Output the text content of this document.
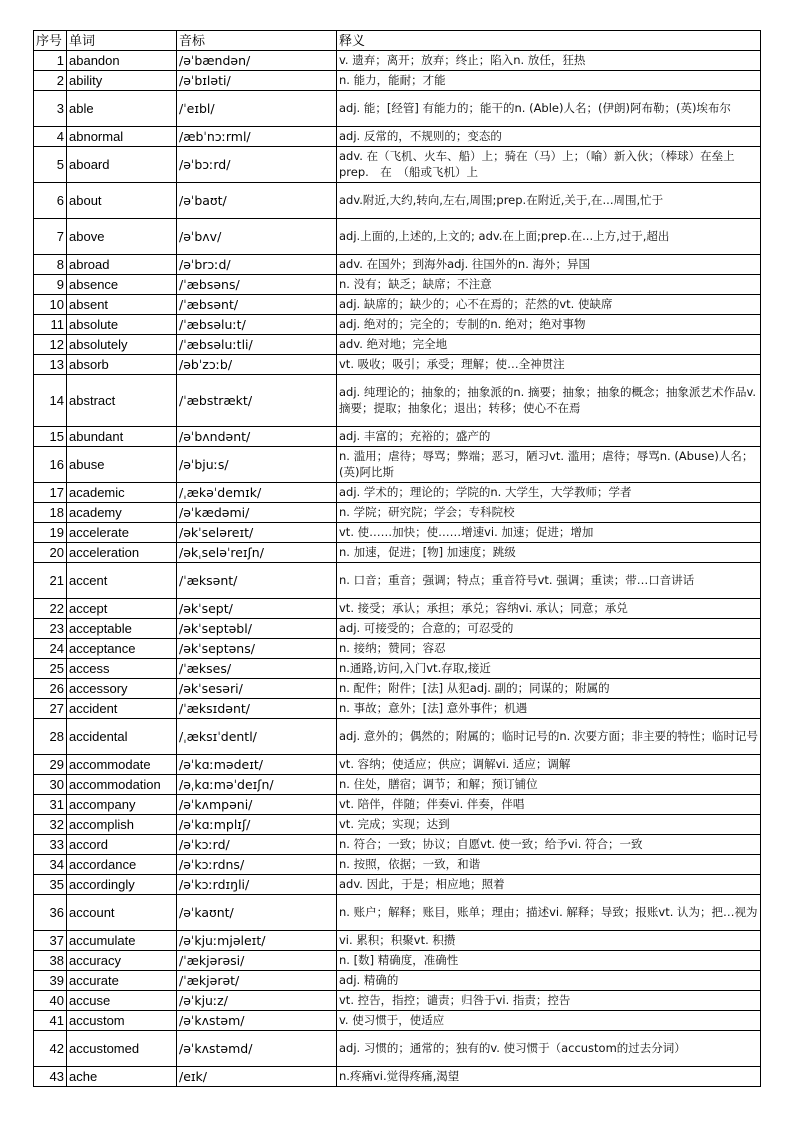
序号	单词	音标	释义
1	abandon	/əˈbændən/	v. 遗弃；离开；放弃；终止；陷入n. 放任，狂热
2	ability	/əˈbɪləti/	n. 能力，能耐；才能
3	able	/ˈeɪbl/	adj. 能；[经管] 有能力的；能干的n. (Able)人名；(伊朗)阿布勒；(英)埃布尔
4	abnormal	/æbˈnɔːrml/	adj. 反常的，不规则的；变态的
5	aboard	/əˈbɔːrd/	adv. 在（飞机、火车、船）上；骑在（马）上；（喻）新入伙；（棒球）在垒上prep.　在　（船或飞机）上
6	about	/əˈbaʊt/	adv.附近,大约,转向,左右,周围;prep.在附近,关于,在...周围,忙于
7	above	/əˈbʌv/	adj.上面的,上述的,上文的; adv.在上面;prep.在...上方,过于,超出
8	abroad	/əˈbrɔːd/	adv. 在国外；到海外adj. 往国外的n. 海外；异国
9	absence	/ˈæbsəns/	n. 没有；缺乏；缺席；不注意
10	absent	/ˈæbsənt/	adj. 缺席的；缺少的；心不在焉的；茫然的vt. 使缺席
11	absolute	/ˈæbsəluːt/	adj. 绝对的；完全的；专制的n. 绝对；绝对事物
12	absolutely	/ˈæbsəluːtli/	adv. 绝对地；完全地
13	absorb	/əbˈzɔːb/	vt. 吸收；吸引；承受；理解；使…全神贯注
14	abstract	/ˈæbstrækt/	adj. 纯理论的；抽象的；抽象派的n. 摘要；抽象；抽象的概念；抽象派艺术作品v. 摘要；提取；抽象化；退出；转移；使心不在焉
15	abundant	/əˈbʌndənt/	adj. 丰富的；充裕的；盛产的
16	abuse	/əˈbjuːs/	n. 滥用；虐待；辱骂；弊端；恶习，陋习vt. 滥用；虐待；辱骂n. (Abuse)人名；(英)阿比斯
17	academic	/ˌækəˈdemɪk/	adj. 学术的；理论的；学院的n. 大学生，大学教师；学者
18	academy	/əˈkædəmi/	n. 学院；研究院；学会；专科院校
19	accelerate	/əkˈseləreɪt/	vt. 使……加快；使……增速vi. 加速；促进；增加
20	acceleration	/əkˌseləˈreɪʃn/	n. 加速，促进；[物] 加速度；跳级
21	accent	/ˈæksənt/	n. 口音；重音；强调；特点；重音符号vt. 强调；重读；带…口音讲话
22	accept	/əkˈsept/	vt. 接受；承认；承担；承兑；容纳vi. 承认；同意；承兑
23	acceptable	/əkˈseptəbl/	adj. 可接受的；合意的；可忍受的
24	acceptance	/əkˈseptəns/	n. 接纳；赞同；容忍
25	access	/ˈækses/	n.通路,访问,入门vt.存取,接近
26	accessory	/əkˈsesəri/	n. 配件；附件；[法] 从犯adj. 副的；同谋的；附属的
27	accident	/ˈæksɪdənt/	n. 事故；意外；[法] 意外事件；机遇
28	accidental	/ˌæksɪˈdentl/	adj. 意外的；偶然的；附属的；临时记号的n. 次要方面；非主要的特性；临时记号
29	accommodate	/əˈkɑːmədeɪt/	vt. 容纳；使适应；供应；调解vi. 适应；调解
30	accommodation	/əˌkɑːməˈdeɪʃn/	n. 住处，膳宿；调节；和解；预订铺位
31	accompany	/əˈkʌmpəni/	vt. 陪伴，伴随；伴奏vi. 伴奏，伴唱
32	accomplish	/əˈkɑːmplɪʃ/	vt. 完成；实现；达到
33	accord	/əˈkɔːrd/	n. 符合；一致；协议；自愿vt. 使一致；给予vi. 符合；一致
34	accordance	/əˈkɔːrdns/	n. 按照，依据；一致，和谐
35	accordingly	/əˈkɔːrdɪŋli/	adv. 因此，于是；相应地；照着
36	account	/əˈkaʊnt/	n. 账户；解释；账目，账单；理由；描述vi. 解释；导致；报账vt. 认为；把…视为
37	accumulate	/əˈkjuːmjəleɪt/	vi. 累积；积聚vt. 积攒
38	accuracy	/ˈækjərəsi/	n. [数] 精确度，准确性
39	accurate	/ˈækjərət/	adj. 精确的
40	accuse	/əˈkjuːz/	vt. 控告，指控；谴责；归咎于vi. 指责；控告
41	accustom	/əˈkʌstəm/	v. 使习惯于，使适应
42	accustomed	/əˈkʌstəmd/	adj. 习惯的；通常的；独有的v. 使习惯于（accustom的过去分词）
43	ache	/eɪk/	n.疼痛vi.觉得疼痛,渴望
